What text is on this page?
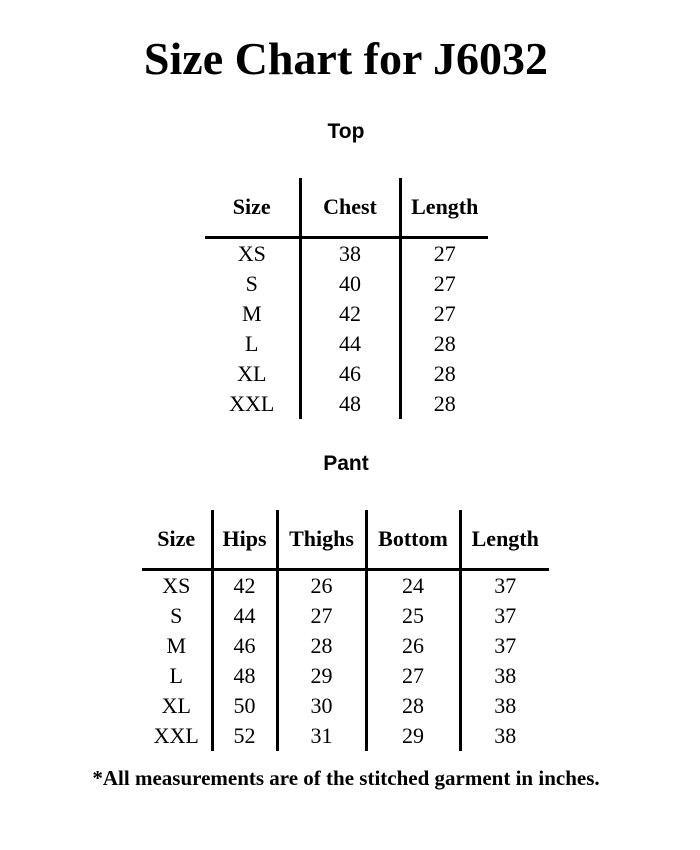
Size Chart for J6032
Top
Size	Chest	Length
XS	38	27
S	40	27
M	42	27
L	44	28
XL	46	28
XXL	48	28
Pant
Size	Hips	Thighs	Bottom	Length
XS	42	26	24	37
S	44	27	25	37
M	46	28	26	37
L	48	29	27	38
XL	50	30	28	38
XXL	52	31	29	38
*All measurements are of the stitched garment in inches.
